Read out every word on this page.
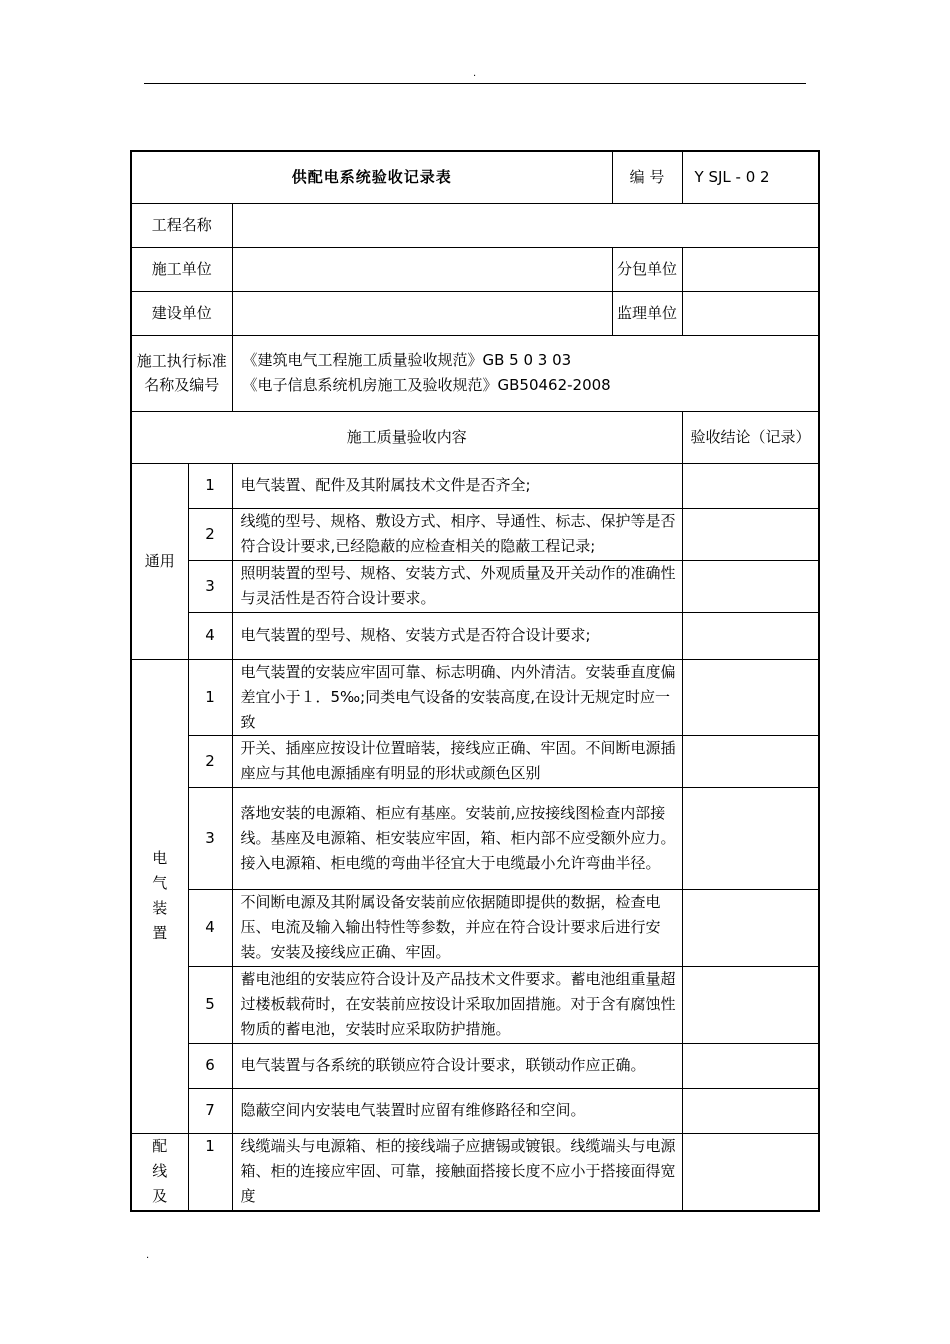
.
供配电系统验收记录表			编 号	Y SJL - 0 2
工程名称				
施工单位			分包单位	
建设单位			监理单位	
施工执行标准名称及编号		《建筑电气工程施工质量验收规范》GB 5 0 3 03
《电子信息系统机房施工及验收规范》GB50462-2008		

施工质量验收内容				验收结论（记录）
通用	1	电气装置、配件及其附属技术文件是否齐全;		
	2	线缆的型号、规格、敷设方式、相序、导通性、标志、保护等是否符合设计要求,已经隐蔽的应检查相关的隐蔽工程记录;		
	3	照明装置的型号、规格、安装方式、外观质量及开关动作的准确性与灵活性是否符合设计要求。		
	4	电气装置的型号、规格、安装方式是否符合设计要求;		
电气装置	1	电气装置的安装应牢固可靠、标志明确、内外清洁。安装垂直度偏差宜小于１．5‰;同类电气设备的安装高度,在设计无规定时应一致		
	2	开关、插座应按设计位置暗装，接线应正确、牢固。不间断电源插座应与其他电源插座有明显的形状或颜色区别		
	3	落地安装的电源箱、柜应有基座。安装前,应按接线图检查内部接线。基座及电源箱、柜安装应牢固，箱、柜内部不应受额外应力。接入电源箱、柜电缆的弯曲半径宜大于电缆最小允许弯曲半径。		
	4	不间断电源及其附属设备安装前应依据随即提供的数据，检查电压、电流及输入输出特性等参数，并应在符合设计要求后进行安装。安装及接线应正确、牢固。		
	5	蓄电池组的安装应符合设计及产品技术文件要求。蓄电池组重量超过楼板载荷时，在安装前应按设计采取加固措施。对于含有腐蚀性物质的蓄电池，安装时应采取防护措施。		
	6	电气装置与各系统的联锁应符合设计要求，联锁动作应正确。		
	7	隐蔽空间内安装电气装置时应留有维修路径和空间。		
配线及	1	线缆端头与电源箱、柜的接线端子应搪锡或镀银。线缆端头与电源箱、柜的连接应牢固、可靠，接触面搭接长度不应小于搭接面得宽度		
.
